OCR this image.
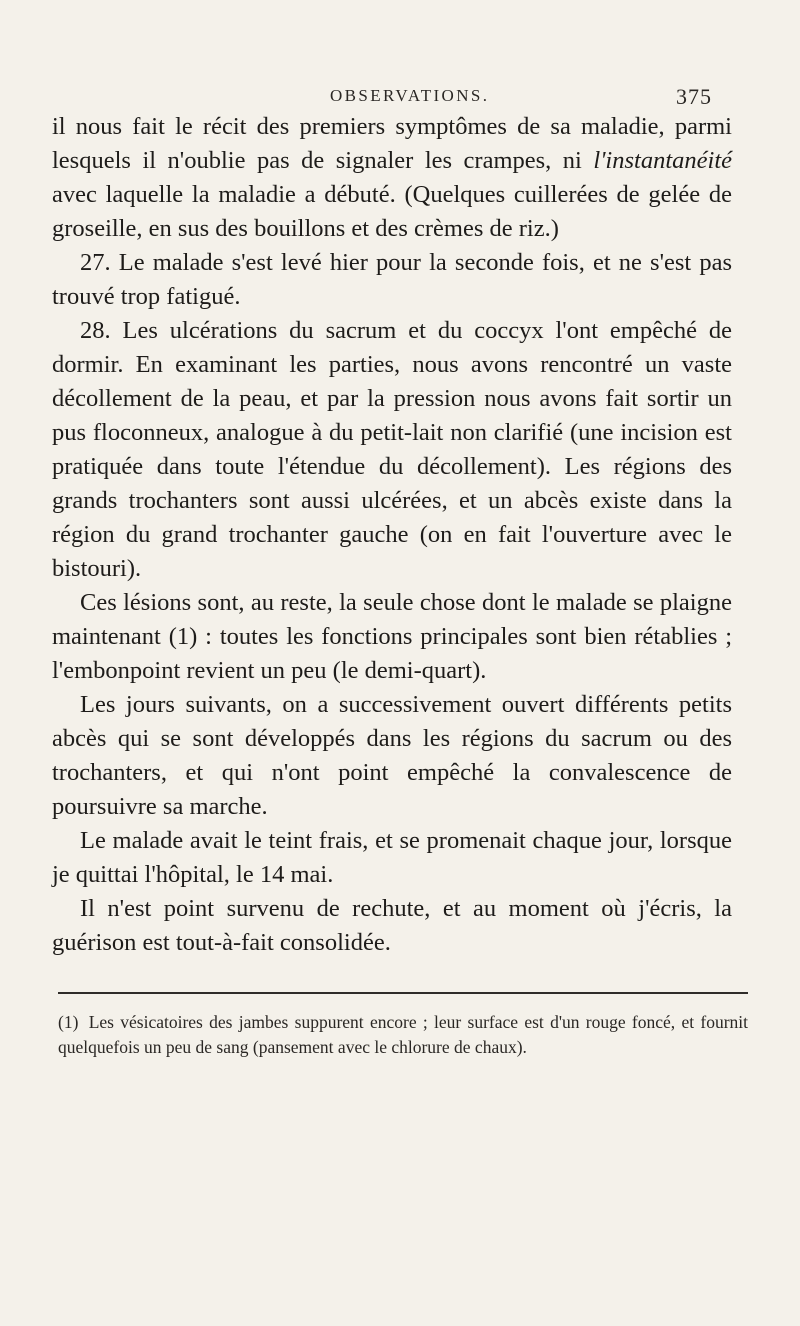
OBSERVATIONS.	375

il nous fait le récit des premiers symptômes de sa maladie, parmi lesquels il n'oublie pas de signaler les crampes, ni l'instantanéité avec laquelle la maladie a débuté. (Quelques cuillerées de gelée de groseille, en sus des bouillons et des crèmes de riz.)

27. Le malade s'est levé hier pour la seconde fois, et ne s'est pas trouvé trop fatigué.

28. Les ulcérations du sacrum et du coccyx l'ont empêché de dormir. En examinant les parties, nous avons rencontré un vaste décollement de la peau, et par la pression nous avons fait sortir un pus floconneux, analogue à du petit-lait non clarifié (une incision est pratiquée dans toute l'étendue du décollement). Les régions des grands trochanters sont aussi ulcérées, et un abcès existe dans la région du grand trochanter gauche (on en fait l'ouverture avec le bistouri).

Ces lésions sont, au reste, la seule chose dont le malade se plaigne maintenant (1) : toutes les fonctions principales sont bien rétablies ; l'embonpoint revient un peu (le demi-quart).

Les jours suivants, on a successivement ouvert différents petits abcès qui se sont développés dans les régions du sacrum ou des trochanters, et qui n'ont point empêché la convalescence de poursuivre sa marche.

Le malade avait le teint frais, et se promenait chaque jour, lorsque je quittai l'hôpital, le 14 mai.

Il n'est point survenu de rechute, et au moment où j'écris, la guérison est tout-à-fait consolidée.

(1) Les vésicatoires des jambes suppurent encore ; leur surface est d'un rouge foncé, et fournit quelquefois un peu de sang (pansement avec le chlorure de chaux).
